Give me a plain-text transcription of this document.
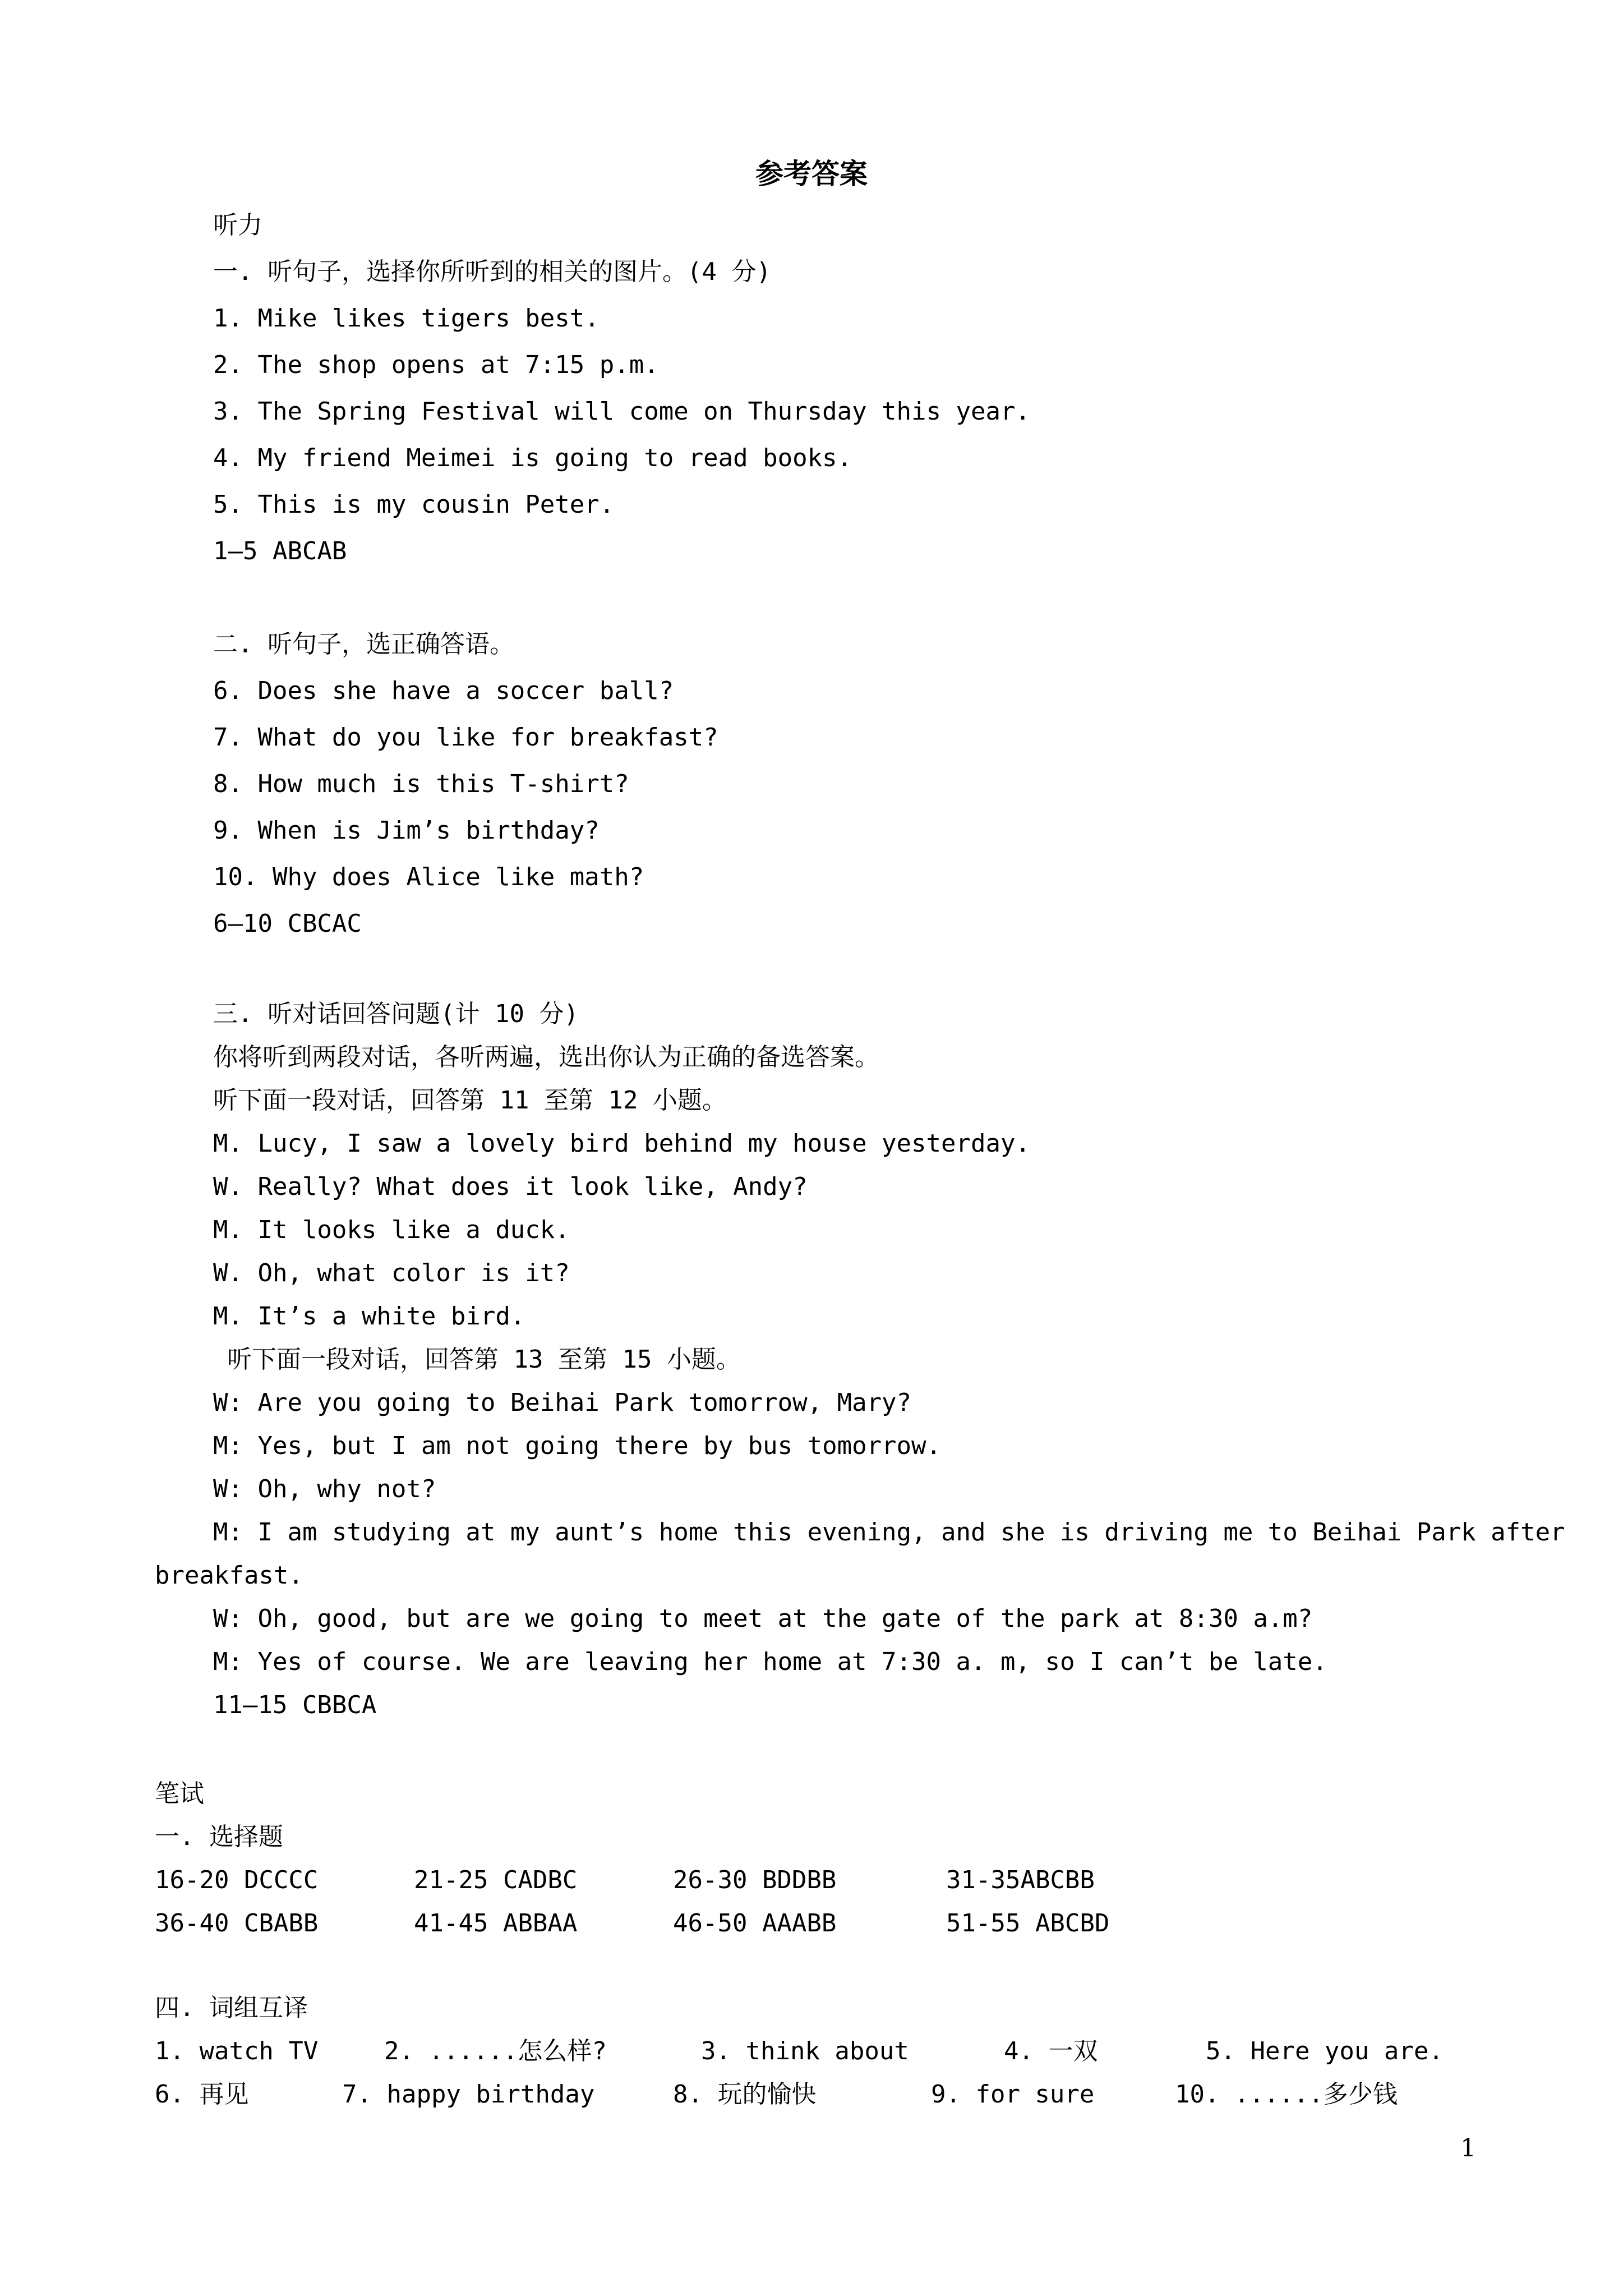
参考答案
听力
一. 听句子，选择你所听到的相关的图片。(4 分)
1. Mike likes tigers best.
2. The shop opens at 7:15 p.m.
3. The Spring Festival will come on Thursday this year.
4. My friend Meimei is going to read books.
5. This is my cousin Peter.
1—5 ABCAB
二. 听句子，选正确答语。
6. Does she have a soccer ball?
7. What do you like for breakfast?
8. How much is this T-shirt?
9. When is Jim’s birthday?
10. Why does Alice like math?
6—10 CBCAC
三. 听对话回答问题(计 10 分)
你将听到两段对话，各听两遍，选出你认为正确的备选答案。
听下面一段对话，回答第 11 至第 12 小题。
M. Lucy, I saw a lovely bird behind my house yesterday.
W. Really? What does it look like, Andy?
M. It looks like a duck.
W. Oh, what color is it?
M. It’s a white bird.
听下面一段对话，回答第 13 至第 15 小题。
W: Are you going to Beihai Park tomorrow, Mary?
M: Yes, but I am not going there by bus tomorrow.
W: Oh, why not?
M: I am studying at my aunt’s home this evening, and she is driving me to Beihai Park after
breakfast.
W: Oh, good, but are we going to meet at the gate of the park at 8:30 a.m?
M: Yes of course. We are leaving her home at 7:30 a. m, so I can’t be late.
11—15 CBBCA
笔试
一. 选择题
16-20 DCCCC	21-25 CADBC	26-30 BDDBB	31-35ABCBB
36-40 CBABB	41-45 ABBAA	46-50 AAABB	51-55 ABCBD
四. 词组互译
1. watch TV	2. ......怎么样?	3. think about	4. 一双	5. Here you are.
6. 再见	7. happy birthday	8. 玩的愉快	9. for sure	10. ......多少钱
1
